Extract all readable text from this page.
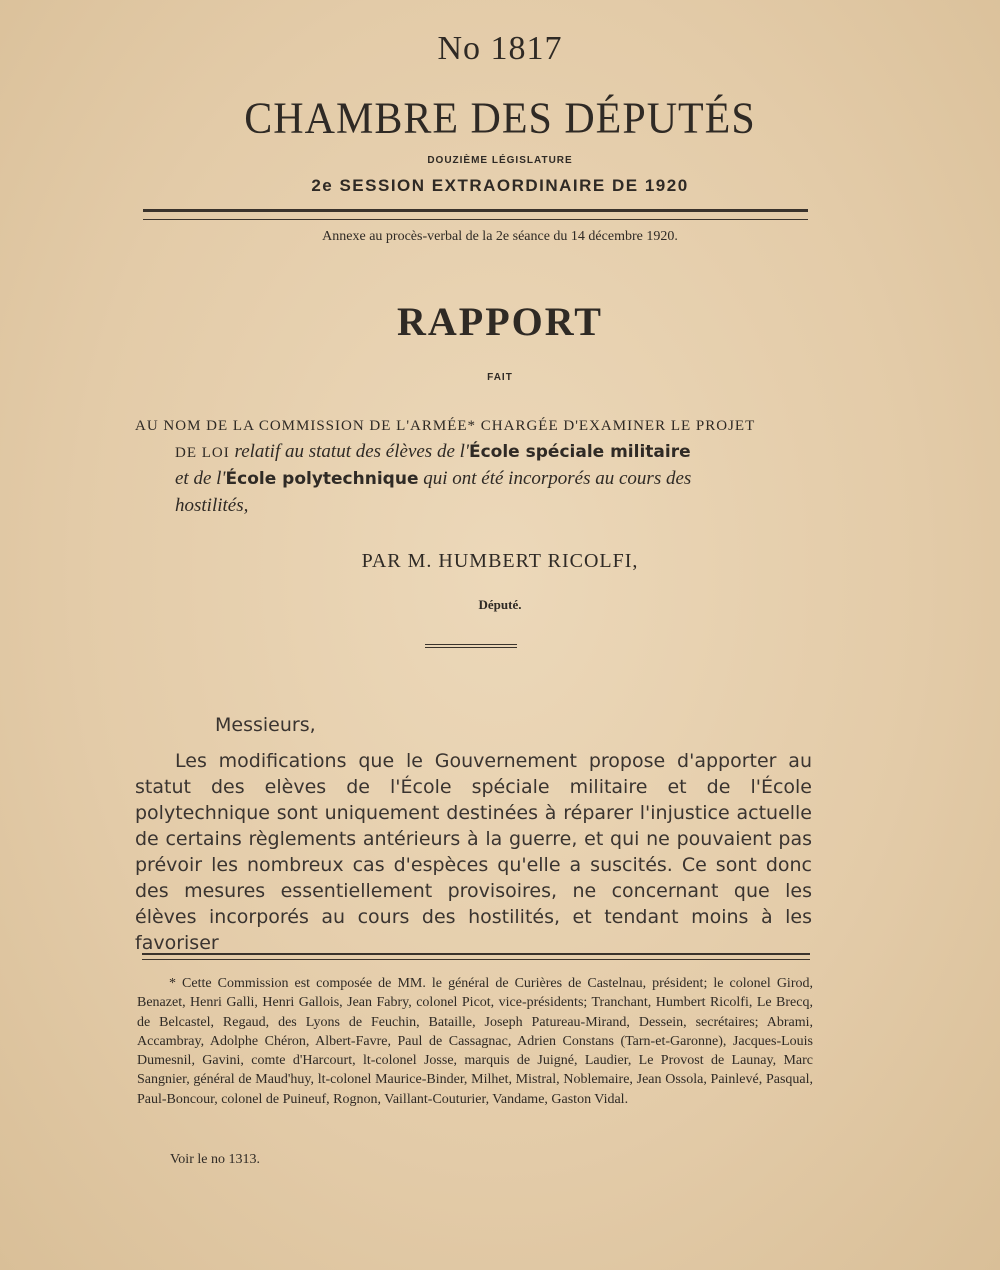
No 1817
CHAMBRE DES DÉPUTÉS
DOUZIÈME LÉGISLATURE
2e SESSION EXTRAORDINAIRE DE 1920
Annexe au procès-verbal de la 2e séance du 14 décembre 1920.
RAPPORT
FAIT
AU NOM DE LA COMMISSION DE L'ARMÉE* CHARGÉE D'EXAMINER LE PROJET
DE LOI relatif au statut des élèves de l'École spéciale militaire
et de l'École polytechnique qui ont été incorporés au cours des
hostilités,
PAR M. HUMBERT RICOLFI,
Député.
Messieurs,
Les modifications que le Gouvernement propose d'apporter au statut des elèves de l'École spéciale militaire et de l'École polytechnique sont uniquement destinées à réparer l'injustice actuelle de certains règlements antérieurs à la guerre, et qui ne pouvaient pas prévoir les nombreux cas d'espèces qu'elle a suscités. Ce sont donc des mesures essentiellement provisoires, ne concernant que les élèves incorporés au cours des hostilités, et tendant moins à les favoriser
* Cette Commission est composée de MM. le général de Curières de Castelnau, président; le colonel Girod, Benazet, Henri Galli, Henri Gallois, Jean Fabry, colonel Picot, vice-présidents; Tranchant, Humbert Ricolfi, Le Brecq, de Belcastel, Regaud, des Lyons de Feuchin, Bataille, Joseph Patureau-Mirand, Dessein, secrétaires; Abrami, Accambray, Adolphe Chéron, Albert-Favre, Paul de Cassagnac, Adrien Constans (Tarn-et-Garonne), Jacques-Louis Dumesnil, Gavini, comte d'Harcourt, lt-colonel Josse, marquis de Juigné, Laudier, Le Provost de Launay, Marc Sangnier, général de Maud'huy, lt-colonel Maurice-Binder, Milhet, Mistral, Noblemaire, Jean Ossola, Painlevé, Pasqual, Paul-Boncour, colonel de Puineuf, Rognon, Vaillant-Couturier, Vandame, Gaston Vidal.
Voir le no 1313.
